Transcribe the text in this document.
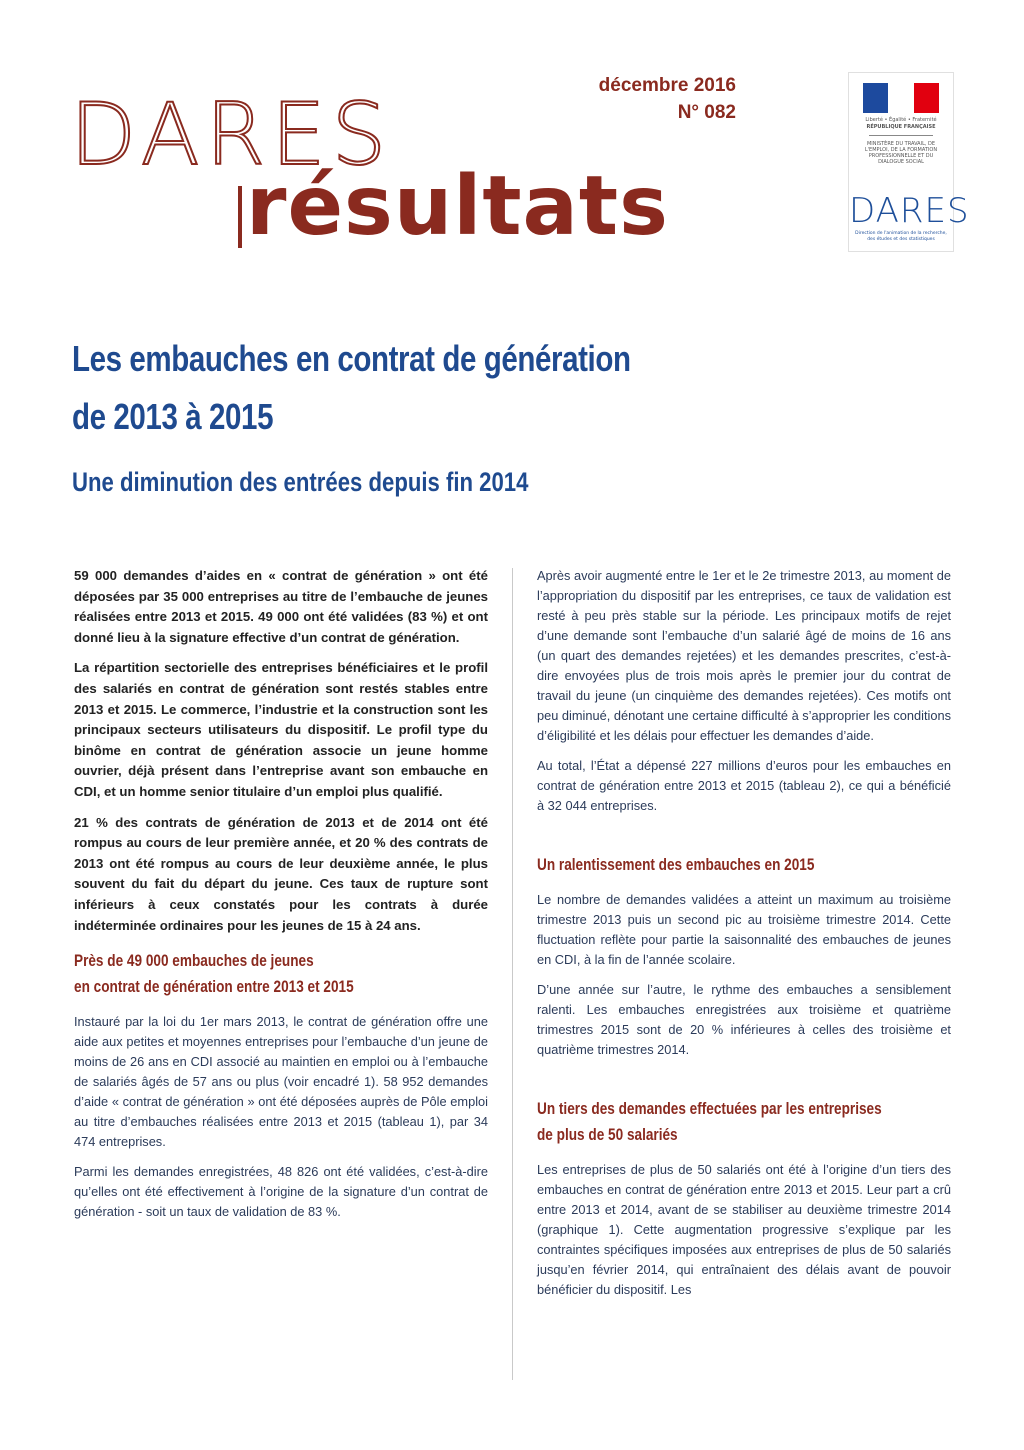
DARES
résultats
décembre 2016
N° 082	Liberté • Égalité • Fraternité
RÉPUBLIQUE FRANÇAISE
MINISTÈRE DU TRAVAIL, DE L'EMPLOI, DE LA FORMATION PROFESSIONNELLE ET DU DIALOGUE SOCIAL
DARES
Direction de l'animation de la recherche, des études et des statistiques
Les embauches en contrat de génération
de 2013 à 2015
Une diminution des entrées depuis fin 2014

59 000 demandes d’aides en « contrat de génération » ont été déposées par 35 000 entreprises au titre de l’embauche de jeunes réalisées entre 2013 et 2015. 49 000 ont été validées (83 %) et ont donné lieu à la signature effective d’un contrat de génération.

La répartition sectorielle des entreprises bénéficiaires et le profil des salariés en contrat de génération sont restés stables entre 2013 et 2015. Le commerce, l’industrie et la construction sont les principaux secteurs utilisateurs du dispositif. Le profil type du binôme en contrat de génération associe un jeune homme ouvrier, déjà présent dans l’entreprise avant son embauche en CDI, et un homme senior titulaire d’un emploi plus qualifié.

21 % des contrats de génération de 2013 et de 2014 ont été rompus au cours de leur première année, et 20 % des contrats de 2013 ont été rompus au cours de leur deuxième année, le plus souvent du fait du départ du jeune. Ces taux de rupture sont inférieurs à ceux constatés pour les contrats à durée indéterminée ordinaires pour les jeunes de 15 à 24 ans.

Près de 49 000 embauches de jeunes
en contrat de génération entre 2013 et 2015

Instauré par la loi du 1er mars 2013, le contrat de génération offre une aide aux petites et moyennes entreprises pour l’embauche d’un jeune de moins de 26 ans en CDI associé au maintien en emploi ou à l’embauche de salariés âgés de 57 ans ou plus (voir encadré 1). 58 952 demandes d’aide « contrat de génération » ont été déposées auprès de Pôle emploi au titre d’embauches réalisées entre 2013 et 2015 (tableau 1), par 34 474 entreprises.

Parmi les demandes enregistrées, 48 826 ont été validées, c’est-à-dire qu’elles ont été effectivement à l’origine de la signature d’un contrat de génération - soit un taux de validation de 83 %.

Après avoir augmenté entre le 1er et le 2e trimestre 2013, au moment de l’appropriation du dispositif par les entreprises, ce taux de validation est resté à peu près stable sur la période. Les principaux motifs de rejet d’une demande sont l’embauche d’un salarié âgé de moins de 16 ans (un quart des demandes rejetées) et les demandes prescrites, c’est-à-dire envoyées plus de trois mois après le premier jour du contrat de travail du jeune (un cinquième des demandes rejetées). Ces motifs ont peu diminué, dénotant une certaine difficulté à s’approprier les conditions d’éligibilité et les délais pour effectuer les demandes d’aide.

Au total, l’État a dépensé 227 millions d’euros pour les embauches en contrat de génération entre 2013 et 2015 (tableau 2), ce qui a bénéficié à 32 044 entreprises.

Un ralentissement des embauches en 2015

Le nombre de demandes validées a atteint un maximum au troisième trimestre 2013 puis un second pic au troisième trimestre 2014. Cette fluctuation reflète pour partie la saisonnalité des embauches de jeunes en CDI, à la fin de l’année scolaire.

D’une année sur l’autre, le rythme des embauches a sensiblement ralenti. Les embauches enregistrées aux troisième et quatrième trimestres 2015 sont de 20 % inférieures à celles des troisième et quatrième trimestres 2014.

Un tiers des demandes effectuées par les entreprises
de plus de 50 salariés

Les entreprises de plus de 50 salariés ont été à l’origine d’un tiers des embauches en contrat de génération entre 2013 et 2015. Leur part a crû entre 2013 et 2014, avant de se stabiliser au deuxième trimestre 2014 (graphique 1). Cette augmentation progressive s’explique par les contraintes spécifiques imposées aux entreprises de plus de 50 salariés jusqu’en février 2014, qui entraînaient des délais avant de pouvoir bénéficier du dispositif. Les
